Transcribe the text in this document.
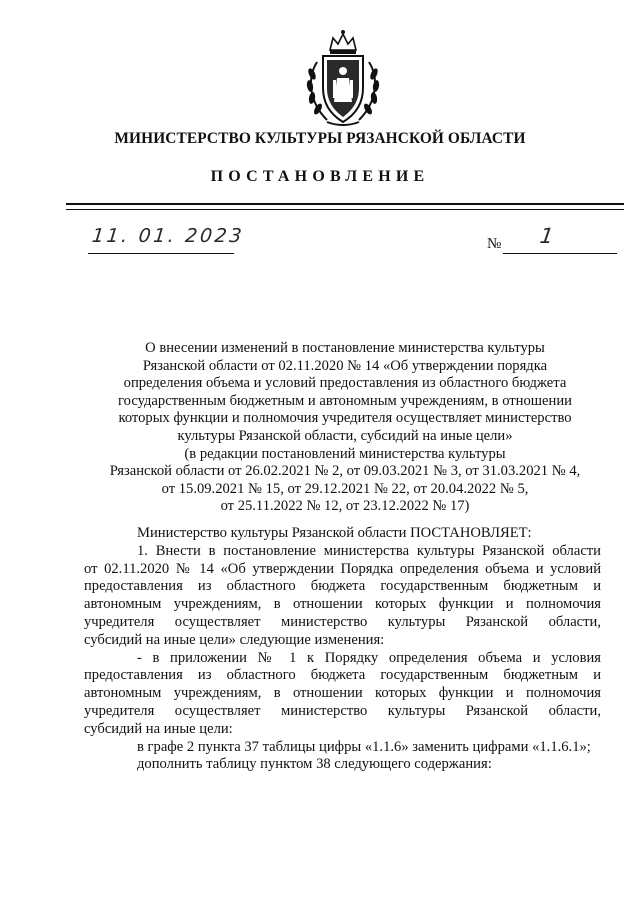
МИНИСТЕРСТВО КУЛЬТУРЫ РЯЗАНСКОЙ ОБЛАСТИ
ПОСТАНОВЛЕНИЕ
11. 01. 2023	№ 1
О внесении изменений в постановление министерства культуры
Рязанской области от 02.11.2020 № 14 «Об утверждении порядка
определения объема и условий предоставления из областного бюджета
государственным бюджетным и автономным учреждениям, в отношении
которых функции и полномочия учредителя осуществляет министерство
культуры Рязанской области, субсидий на иные цели»
(в редакции постановлений министерства культуры
Рязанской области от 26.02.2021 № 2, от 09.03.2021 № 3, от 31.03.2021 № 4,
от 15.09.2021 № 15, от 29.12.2021 № 22, от 20.04.2022 № 5,
от 25.11.2022 № 12, от 23.12.2022 № 17)
Министерство культуры Рязанской области ПОСТАНОВЛЯЕТ:
1. Внести в постановление министерства культуры Рязанской области
от 02.11.2020 № 14 «Об утверждении Порядка определения объема и условий
предоставления из областного бюджета государственным бюджетным и
автономным учреждениям, в отношении которых функции и полномочия
учредителя осуществляет министерство культуры Рязанской области,
субсидий на иные цели» следующие изменения:
- в приложении № 1 к Порядку определения объема и условия
предоставления из областного бюджета государственным бюджетным и
автономным учреждениям, в отношении которых функции и полномочия
учредителя осуществляет министерство культуры Рязанской области,
субсидий на иные цели:
в графе 2 пункта 37 таблицы цифры «1.1.6» заменить цифрами «1.1.6.1»;
дополнить таблицу пунктом 38 следующего содержания:
